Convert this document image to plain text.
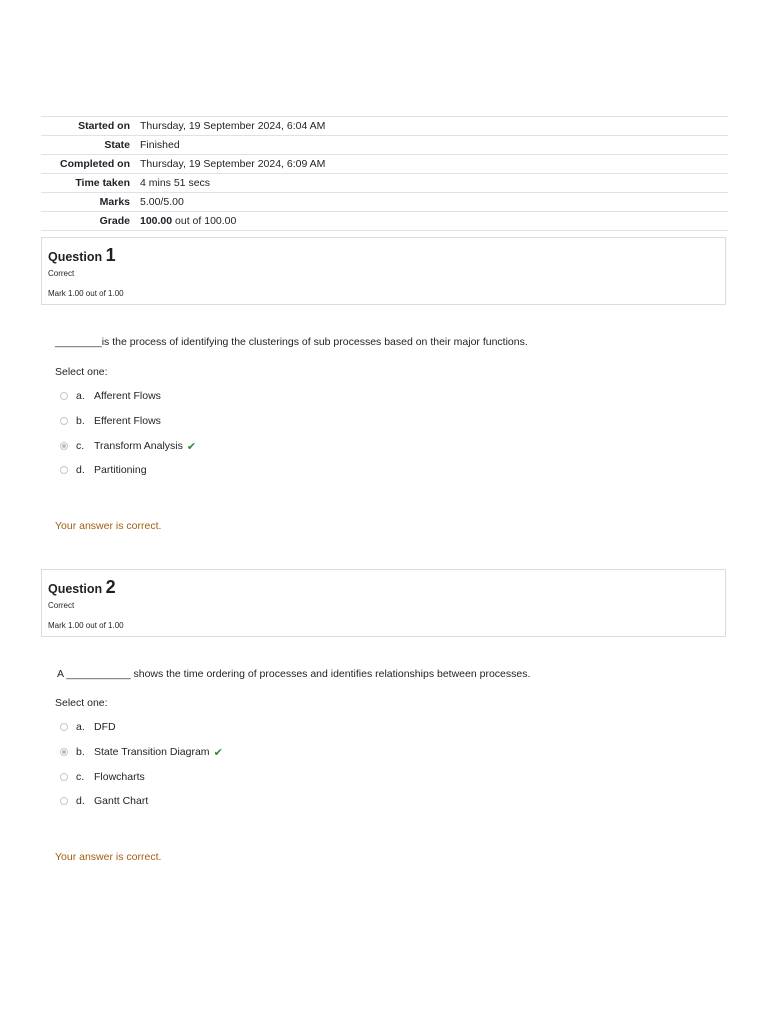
Started on Thursday, 19 September 2024, 6:04 AM
State Finished
Completed on Thursday, 19 September 2024, 6:09 AM
Time taken 4 mins 51 secs
Marks 5.00/5.00
Grade 100.00 out of 100.00
Question 1
Correct
Mark 1.00 out of 1.00
________is the process of identifying the clusterings of sub processes based on their major functions.
Select one:
a. Afferent Flows
b. Efferent Flows
c. Transform Analysis ✔
d. Partitioning
Your answer is correct.
Question 2
Correct
Mark 1.00 out of 1.00
A ___________ shows the time ordering of processes and identifies relationships between processes.
Select one:
a. DFD
b. State Transition Diagram ✔
c. Flowcharts
d. Gantt Chart
Your answer is correct.
